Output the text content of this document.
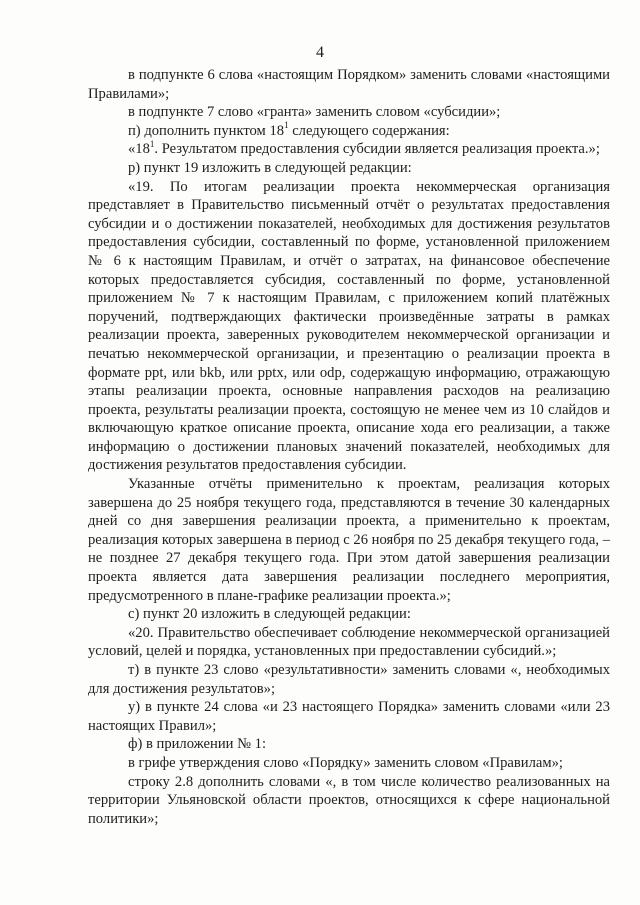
4

в подпункте 6 слова «настоящим Порядком» заменить словами «настоящими Правилами»;

в подпункте 7 слово «гранта» заменить словом «субсидии»;

п) дополнить пунктом $18^1$ следующего содержания:

«$18^1$. Результатом предоставления субсидии является реализация проекта.»;

р) пункт 19 изложить в следующей редакции:

«19. По итогам реализации проекта некоммерческая организация представляет в Правительство письменный отчёт о результатах предоставления субсидии и о достижении показателей, необходимых для достижения результатов предоставления субсидии, составленный по форме, установленной приложением № 6 к настоящим Правилам, и отчёт о затратах, на финансовое обеспечение которых предоставляется субсидия, составленный по форме, установленной приложением № 7 к настоящим Правилам, с приложением копий платёжных поручений, подтверждающих фактически произведённые затраты в рамках реализации проекта, заверенных руководителем некоммерческой организации и печатью некоммерческой организации, и презентацию о реализации проекта в формате ppt, или bkb, или pptx, или odp, содержащую информацию, отражающую этапы реализации проекта, основные направления расходов на реализацию проекта, результаты реализации проекта, состоящую не менее чем из 10 слайдов и включающую краткое описание проекта, описание хода его реализации, а также информацию о достижении плановых значений показателей, необходимых для достижения результатов предоставления субсидии.

Указанные отчёты применительно к проектам, реализация которых завершена до 25 ноября текущего года, представляются в течение 30 календарных дней со дня завершения реализации проекта, а применительно к проектам, реализация которых завершена в период с 26 ноября по 25 декабря текущего года, – не позднее 27 декабря текущего года. При этом датой завершения реализации проекта является дата завершения реализации последнего мероприятия, предусмотренного в плане-графике реализации проекта.»;

с) пункт 20 изложить в следующей редакции:

«20. Правительство обеспечивает соблюдение некоммерческой организацией условий, целей и порядка, установленных при предоставлении субсидий.»;

т) в пункте 23 слово «результативности» заменить словами «, необходимых для достижения результатов»;

у) в пункте 24 слова «и 23 настоящего Порядка» заменить словами «или 23 настоящих Правил»;

ф) в приложении № 1:

в грифе утверждения слово «Порядку» заменить словом «Правилам»;

строку 2.8 дополнить словами «, в том числе количество реализованных на территории Ульяновской области проектов, относящихся к сфере национальной политики»;
